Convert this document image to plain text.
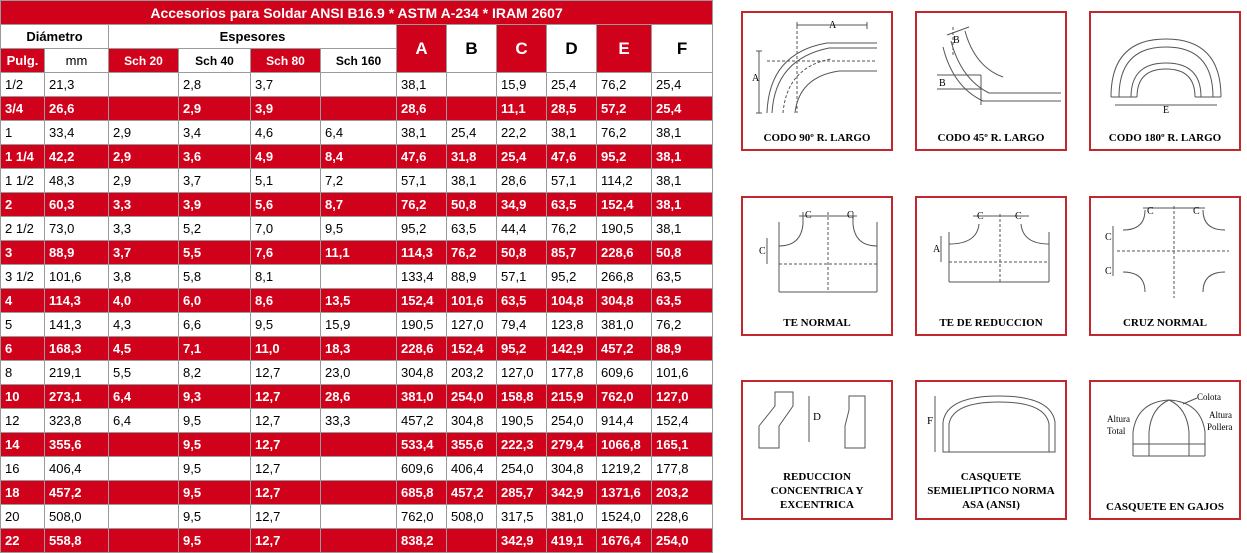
Accesorios para Soldar ANSI B16.9 * ASTM A-234 * IRAM 2607											
Diámetro		Espesores				A	B	C	D	E	F
Pulg.	mm	Sch 20	Sch 40	Sch 80	Sch 160						
1/2	21,3		2,8	3,7		38,1		15,9	25,4	76,2	25,4
3/4	26,6		2,9	3,9		28,6		11,1	28,5	57,2	25,4
1	33,4	2,9	3,4	4,6	6,4	38,1	25,4	22,2	38,1	76,2	38,1
1 1/4	42,2	2,9	3,6	4,9	8,4	47,6	31,8	25,4	47,6	95,2	38,1
1 1/2	48,3	2,9	3,7	5,1	7,2	57,1	38,1	28,6	57,1	114,2	38,1
2	60,3	3,3	3,9	5,6	8,7	76,2	50,8	34,9	63,5	152,4	38,1
2 1/2	73,0	3,3	5,2	7,0	9,5	95,2	63,5	44,4	76,2	190,5	38,1
3	88,9	3,7	5,5	7,6	11,1	114,3	76,2	50,8	85,7	228,6	50,8
3 1/2	101,6	3,8	5,8	8,1		133,4	88,9	57,1	95,2	266,8	63,5
4	114,3	4,0	6,0	8,6	13,5	152,4	101,6	63,5	104,8	304,8	63,5
5	141,3	4,3	6,6	9,5	15,9	190,5	127,0	79,4	123,8	381,0	76,2
6	168,3	4,5	7,1	11,0	18,3	228,6	152,4	95,2	142,9	457,2	88,9
8	219,1	5,5	8,2	12,7	23,0	304,8	203,2	127,0	177,8	609,6	101,6
10	273,1	6,4	9,3	12,7	28,6	381,0	254,0	158,8	215,9	762,0	127,0
12	323,8	6,4	9,5	12,7	33,3	457,2	304,8	190,5	254,0	914,4	152,4
14	355,6		9,5	12,7		533,4	355,6	222,3	279,4	1066,8	165,1
16	406,4		9,5	12,7		609,6	406,4	254,0	304,8	1219,2	177,8
18	457,2		9,5	12,7		685,8	457,2	285,7	342,9	1371,6	203,2
20	508,0		9,5	12,7		762,0	508,0	317,5	381,0	1524,0	228,6
22	558,8		9,5	12,7		838,2		342,9	419,1	1676,4	254,0
A
A
CODO 90º R. LARGO
B
B
CODO 45º R. LARGO
E
CODO 180º R. LARGO
C	C
C
TE NORMAL
C	C
A
TE DE REDUCCION
C	C
C
C
CRUZ NORMAL
D
REDUCCION
CONCENTRICA Y
EXCENTRICA
F
CASQUETE
SEMIELIPTICO NORMA
ASA (ANSI)
Colota
Altura
Total
Altura
Pollera
CASQUETE EN GAJOS
